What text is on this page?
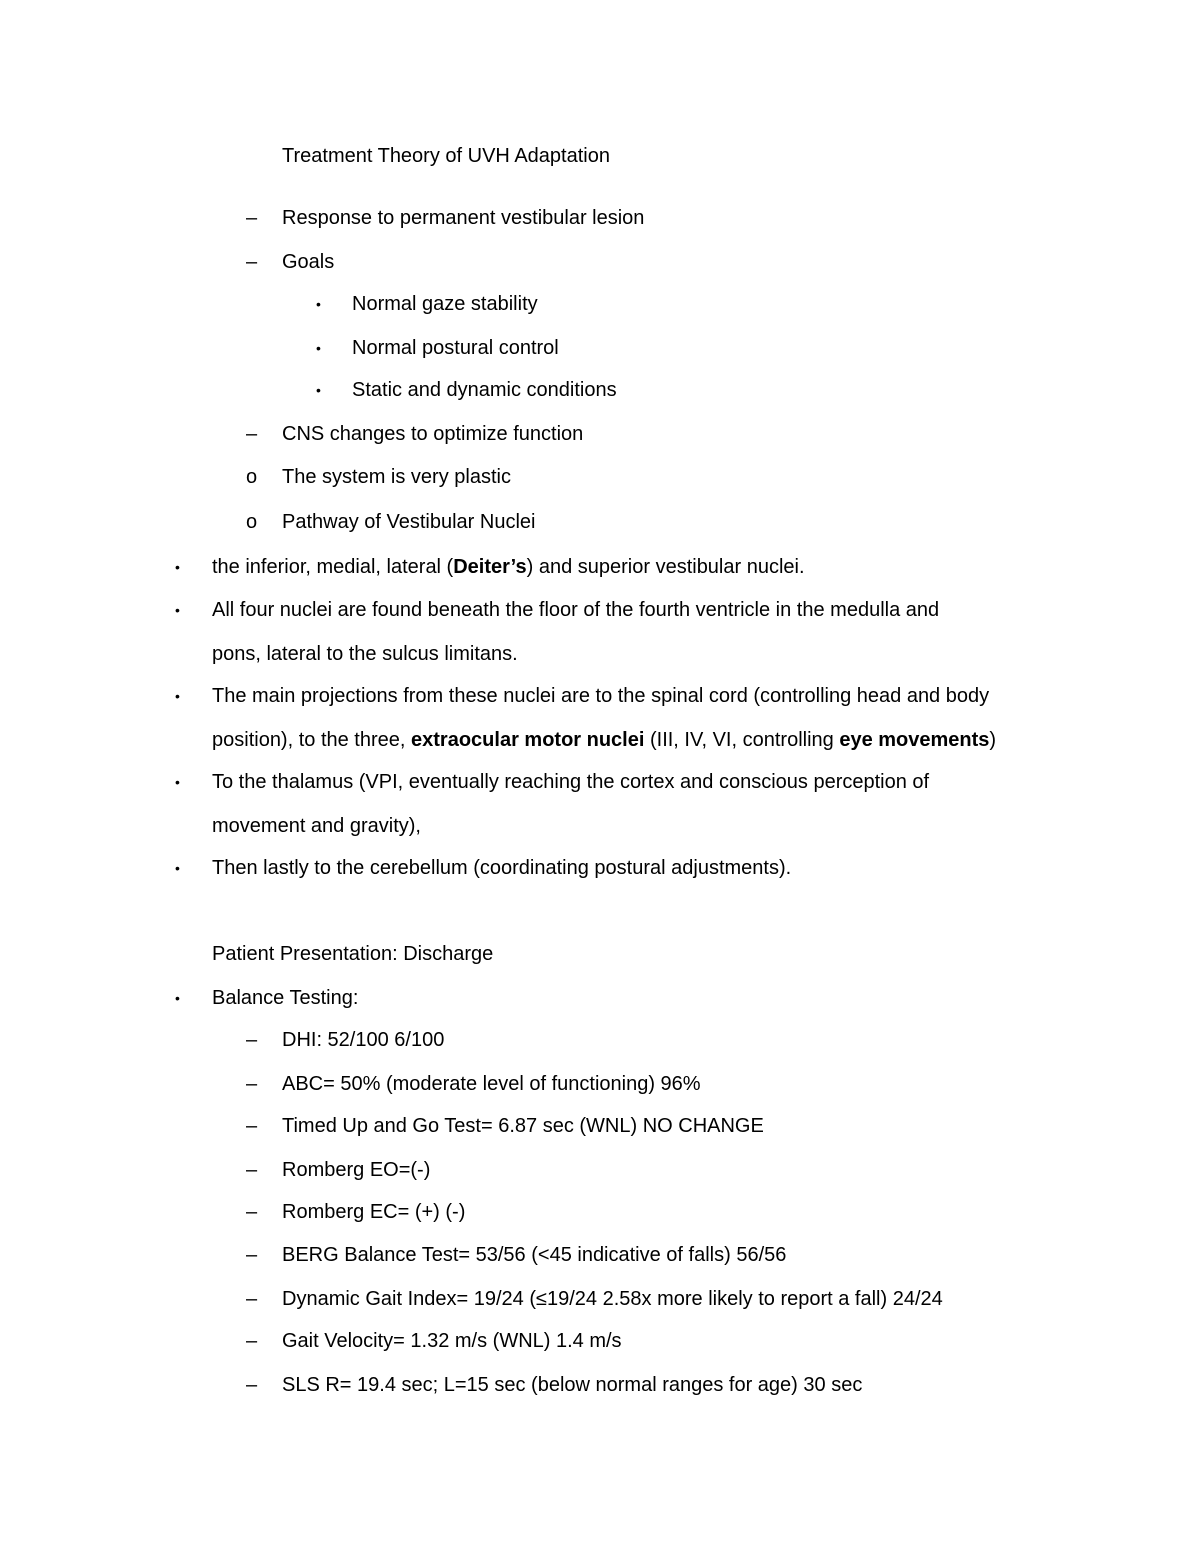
Treatment Theory of UVH Adaptation
– Response to permanent vestibular lesion
– Goals
• Normal gaze stability
• Normal postural control
• Static and dynamic conditions
– CNS changes to optimize function
o The system is very plastic
o Pathway of Vestibular Nuclei
• the inferior, medial, lateral (Deiter’s) and superior vestibular nuclei.
• All four nuclei are found beneath the floor of the fourth ventricle in the medulla and
pons, lateral to the sulcus limitans.
• The main projections from these nuclei are to the spinal cord (controlling head and body
position), to the three, extraocular motor nuclei (III, IV, VI, controlling eye movements)
• To the thalamus (VPI, eventually reaching the cortex and conscious perception of
movement and gravity),
• Then lastly to the cerebellum (coordinating postural adjustments).
Patient Presentation: Discharge
• Balance Testing:
– DHI: 52/100 6/100
– ABC= 50% (moderate level of functioning) 96%
– Timed Up and Go Test= 6.87 sec (WNL) NO CHANGE
– Romberg EO=(-)
– Romberg EC= (+) (-)
– BERG Balance Test= 53/56 (<45 indicative of falls) 56/56
– Dynamic Gait Index= 19/24 (≤19/24 2.58x more likely to report a fall) 24/24
– Gait Velocity= 1.32 m/s (WNL) 1.4 m/s
– SLS R= 19.4 sec; L=15 sec (below normal ranges for age) 30 sec
